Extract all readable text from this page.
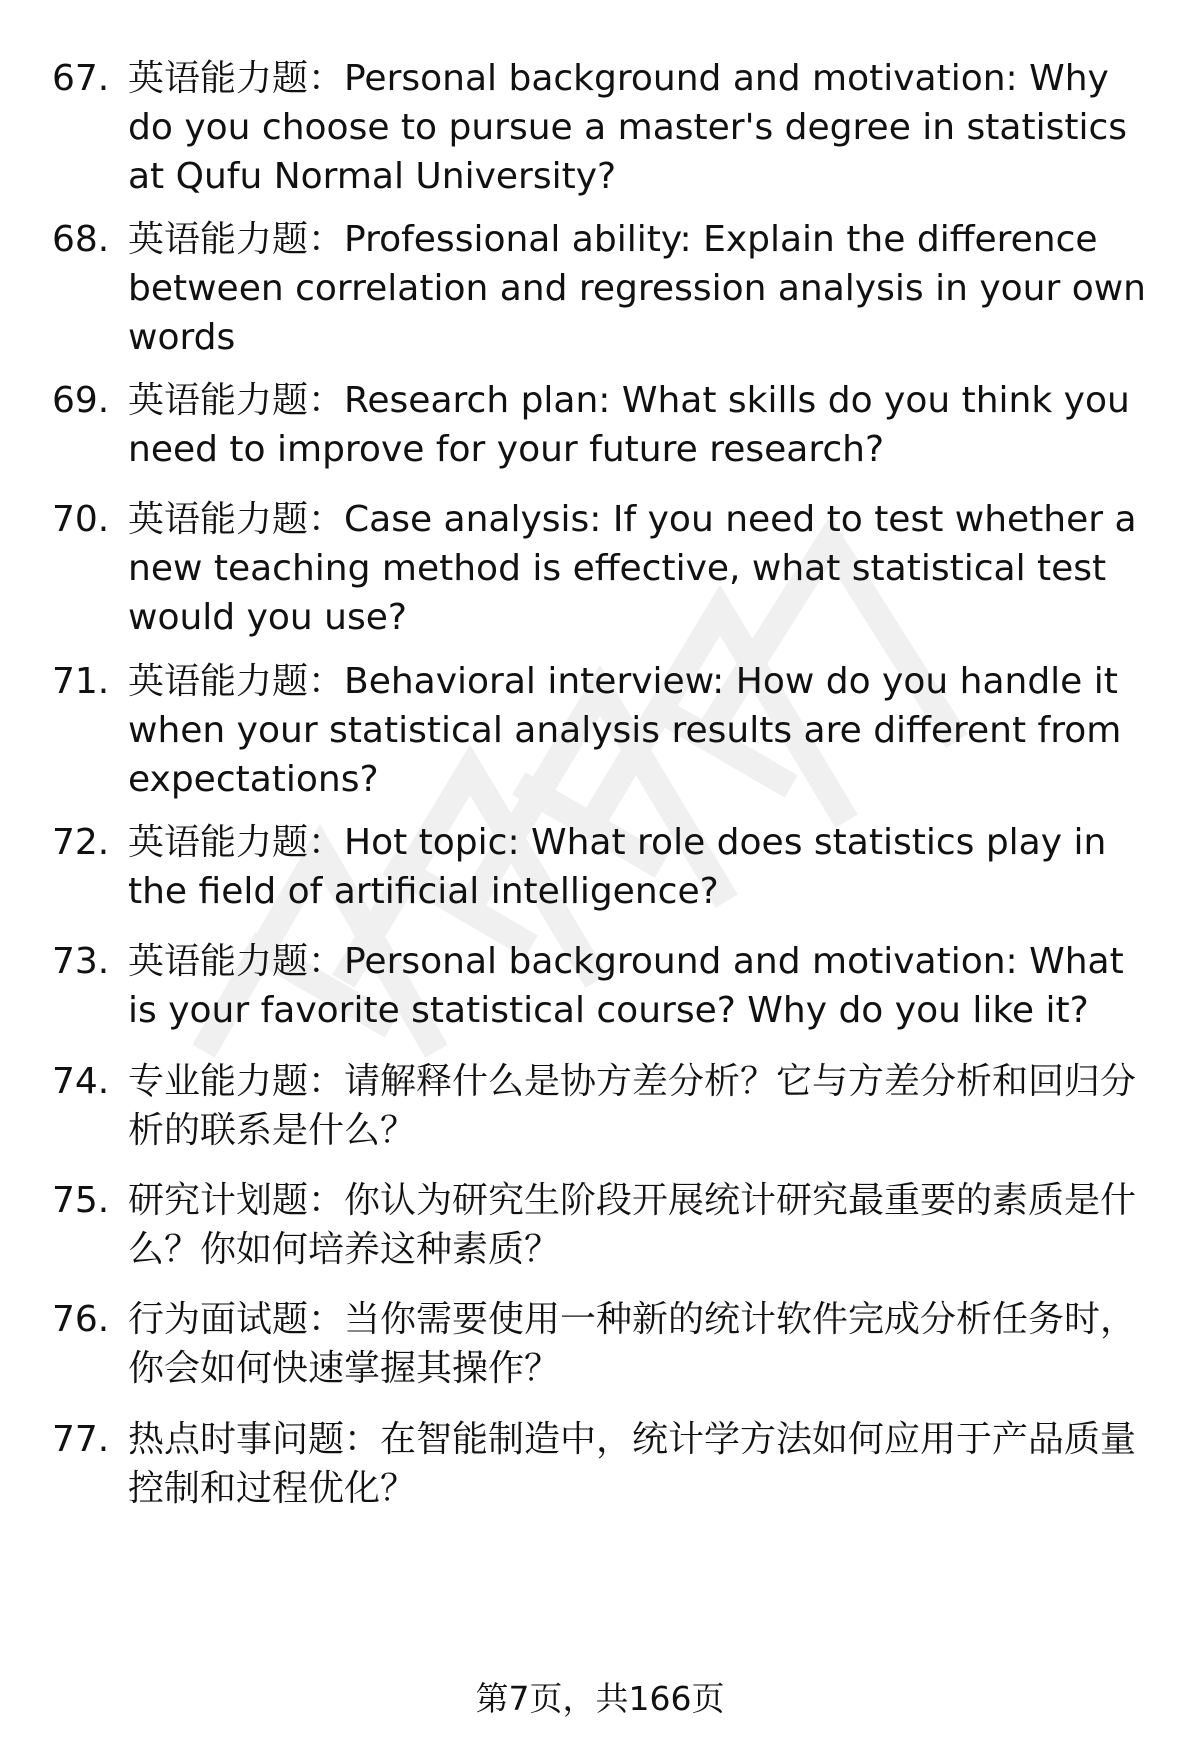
67. 英语能力题：Personal background and motivation: Why do you choose to pursue a master's degree in statistics at Qufu Normal University?
68. 英语能力题：Professional ability: Explain the difference between correlation and regression analysis in your own words
69. 英语能力题：Research plan: What skills do you think you need to improve for your future research?
70. 英语能力题：Case analysis: If you need to test whether a new teaching method is effective, what statistical test would you use?
71. 英语能力题：Behavioral interview: How do you handle it when your statistical analysis results are different from expectations?
72. 英语能力题：Hot topic: What role does statistics play in the field of artificial intelligence?
73. 英语能力题：Personal background and motivation: What is your favorite statistical course? Why do you like it?
74. 专业能力题：请解释什么是协方差分析？它与方差分析和回归分析的联系是什么？
75. 研究计划题：你认为研究生阶段开展统计研究最重要的素质是什么？你如何培养这种素质？
76. 行为面试题：当你需要使用一种新的统计软件完成分析任务时，你会如何快速掌握其操作？
77. 热点时事问题：在智能制造中，统计学方法如何应用于产品质量控制和过程优化？
第7页，共166页
